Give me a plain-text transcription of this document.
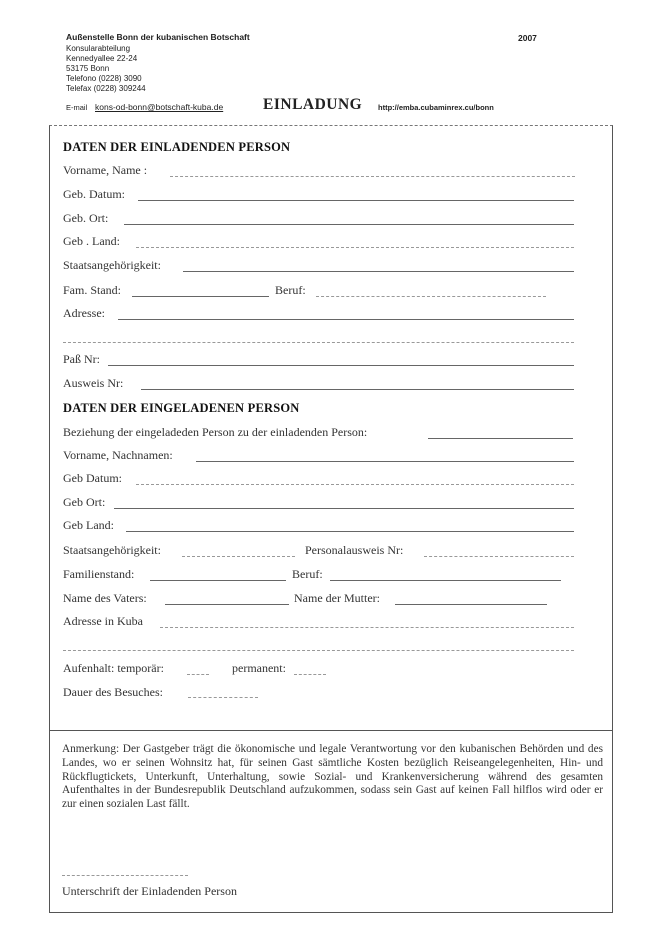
Außenstelle Bonn der kubanischen Botschaft	2007
Konsularabteilung
Kennedyallee 22-24
53175 Bonn
Telefono (0228) 3090
Telefax (0228) 309244
E-mail kons-od-bonn@botschaft-kuba.de	EINLADUNG http://emba.cubaminrex.cu/bonn
DATEN DER EINLADENDEN PERSON
Vorname, Name :
Geb. Datum:
Geb. Ort:
Geb . Land:
Staatsangehörigkeit:
Fam. Stand:	Beruf:
Adresse:
Paß Nr:
Ausweis Nr:
DATEN DER EINGELADENEN PERSON
Beziehung der eingeladeden Person zu der einladenden Person:
Vorname, Nachnamen:
Geb Datum:
Geb Ort:
Geb Land:
Staatsangehörigkeit:	Personalausweis Nr:
Familienstand:	Beruf:
Name des Vaters:	Name der Mutter:
Adresse in Kuba
Aufenhalt: temporär:	permanent:
Dauer des Besuches:
Anmerkung: Der Gastgeber trägt die ökonomische und legale Verantwortung vor den kubanischen Behörden und des Landes, wo er seinen Wohnsitz hat, für seinen Gast sämtliche Kosten bezüglich Reiseangelegenheiten, Hin- und Rückflugtickets, Unterkunft, Unterhaltung, sowie Sozial- und Krankenversicherung während des gesamten Aufenthaltes in der Bundesrepublik Deutschland aufzukommen, sodass sein Gast auf keinen Fall hilflos wird oder er zur einen sozialen Last fällt.
Unterschrift der Einladenden Person
